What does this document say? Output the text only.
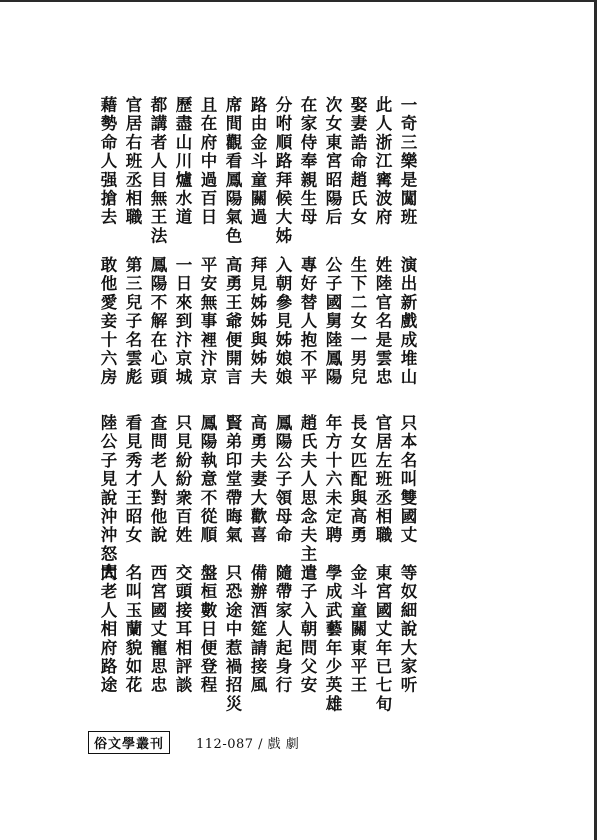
一奇三樂是闖班
此人浙江寗波府
娶妻誥命趙氏女
次女東宮昭陽后
在家侍奉親生母
分咐順路拜候大姊
路由金斗童關過
席間觀看鳳陽氣色
且在府中過百日
歷盡山川爐水道
都講者人目無王法
官居右班丞相職
藉勢命人强搶去
演出新戲成堆山
姓陸官名是雲忠
生下二女一男兒
公子國舅陸鳳陽
專好替人抱不平
入朝參見姊娘娘
拜見姊姊與姊夫
高勇王爺便開言
平安無事裡汴京
一日來到汴京城
鳳陽不解在心頭
第三兒子名雲彪
敢他愛妾十六房
只本名叫雙國丈
官居左班丞相職
長女匹配與高勇
年方十六未定聘
趙氏夫人思念夫主
鳳陽公子領母命
高勇夫妻大歡喜
賢弟印堂帶晦氣
鳳陽執意不從順
只見紛紛衆百姓
查問老人對他說
看見秀才王昭女
陸公子見說沖沖怒大
等奴細說大家听
東宮國丈年已七旬
金斗童關東平王
學成武藝年少英雄
遣子入朝問父安
隨帶家人起身行
備辦酒筵請接風
只恐途中惹禍招災
盤桓數日便登程
交頭接耳相評談
西宮國丈寵思忠
名叫玉蘭貌如花
問老人相府路途
俗文學叢刊	112-087 / 戲 劇
